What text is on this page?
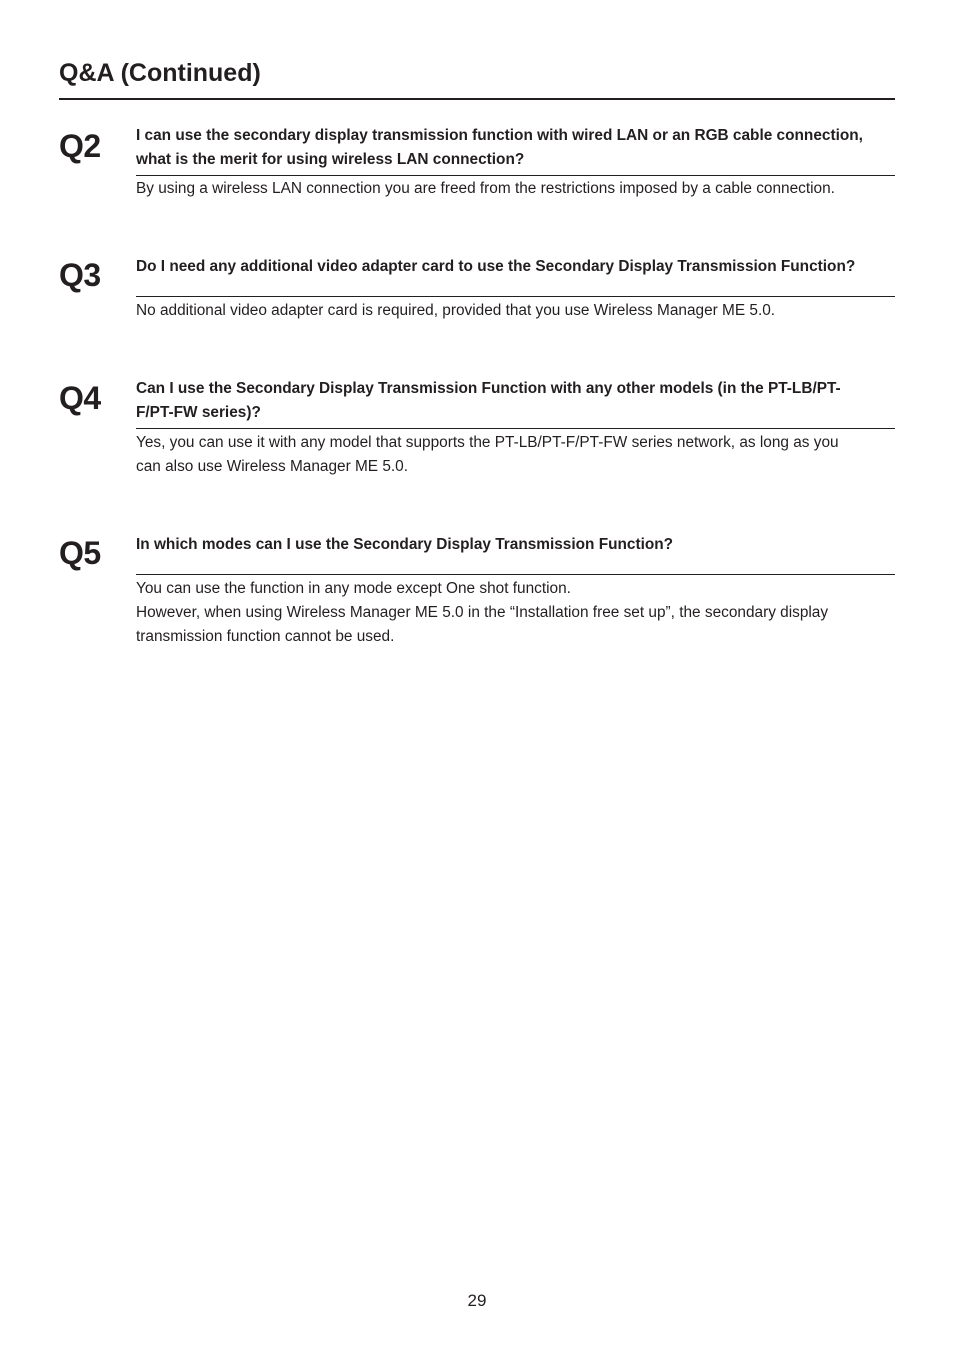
Q&A (Continued)
Q2 I can use the secondary display transmission function with wired LAN or an RGB cable connection,
what is the merit for using wireless LAN connection?

By using a wireless LAN connection you are freed from the restrictions imposed by a cable connection.

Q3 Do I need any additional video adapter card to use the Secondary Display Transmission Function?

No additional video adapter card is required, provided that you use Wireless Manager ME 5.0.

Q4 Can I use the Secondary Display Transmission Function with any other models (in the PT-LB/PT-
F/PT-FW series)?

Yes, you can use it with any model that supports the PT-LB/PT-F/PT-FW series network, as long as you
can also use Wireless Manager ME 5.0.

Q5 In which modes can I use the Secondary Display Transmission Function?

You can use the function in any mode except One shot function.
However, when using Wireless Manager ME 5.0 in the “Installation free set up”, the secondary display
transmission function cannot be used.

29
